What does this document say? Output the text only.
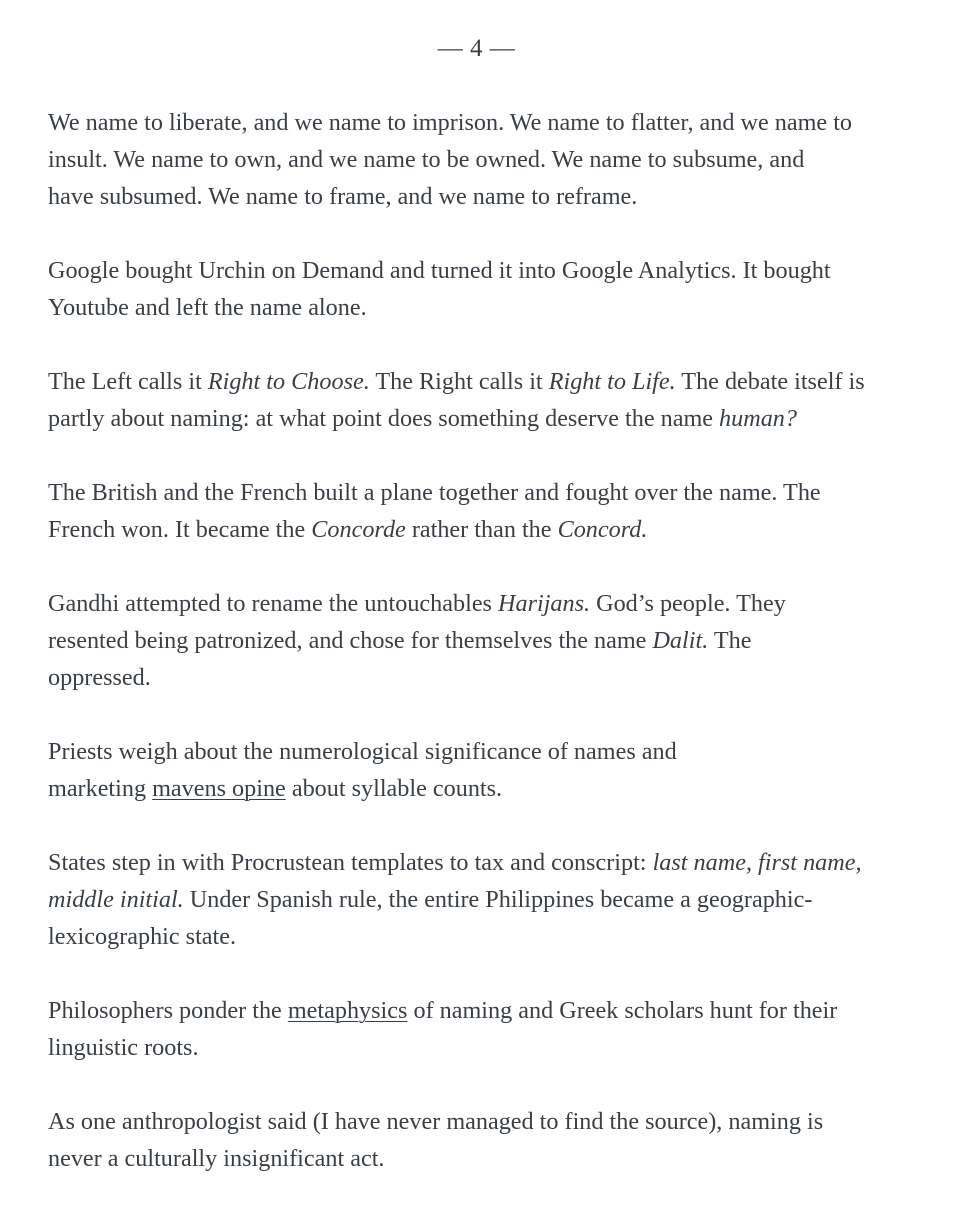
— 4 —

We name to liberate, and we name to imprison. We name to flatter, and we name to
insult. We name to own, and we name to be owned. We name to subsume, and
have subsumed. We name to frame, and we name to reframe.

Google bought Urchin on Demand and turned it into Google Analytics. It bought
Youtube and left the name alone.

The Left calls it Right to Choose. The Right calls it Right to Life. The debate itself is
partly about naming: at what point does something deserve the name human?

The British and the French built a plane together and fought over the name. The
French won. It became the Concorde rather than the Concord.

Gandhi attempted to rename the untouchables Harijans. God’s people. They
resented being patronized, and chose for themselves the name Dalit. The
oppressed.

Priests weigh about the numerological significance of names and
marketing mavens opine about syllable counts.

States step in with Procrustean templates to tax and conscript: last name, first name,
middle initial. Under Spanish rule, the entire Philippines became a geographic-
lexicographic state.

Philosophers ponder the metaphysics of naming and Greek scholars hunt for their
linguistic roots.

As one anthropologist said (I have never managed to find the source), naming is
never a culturally insignificant act.
